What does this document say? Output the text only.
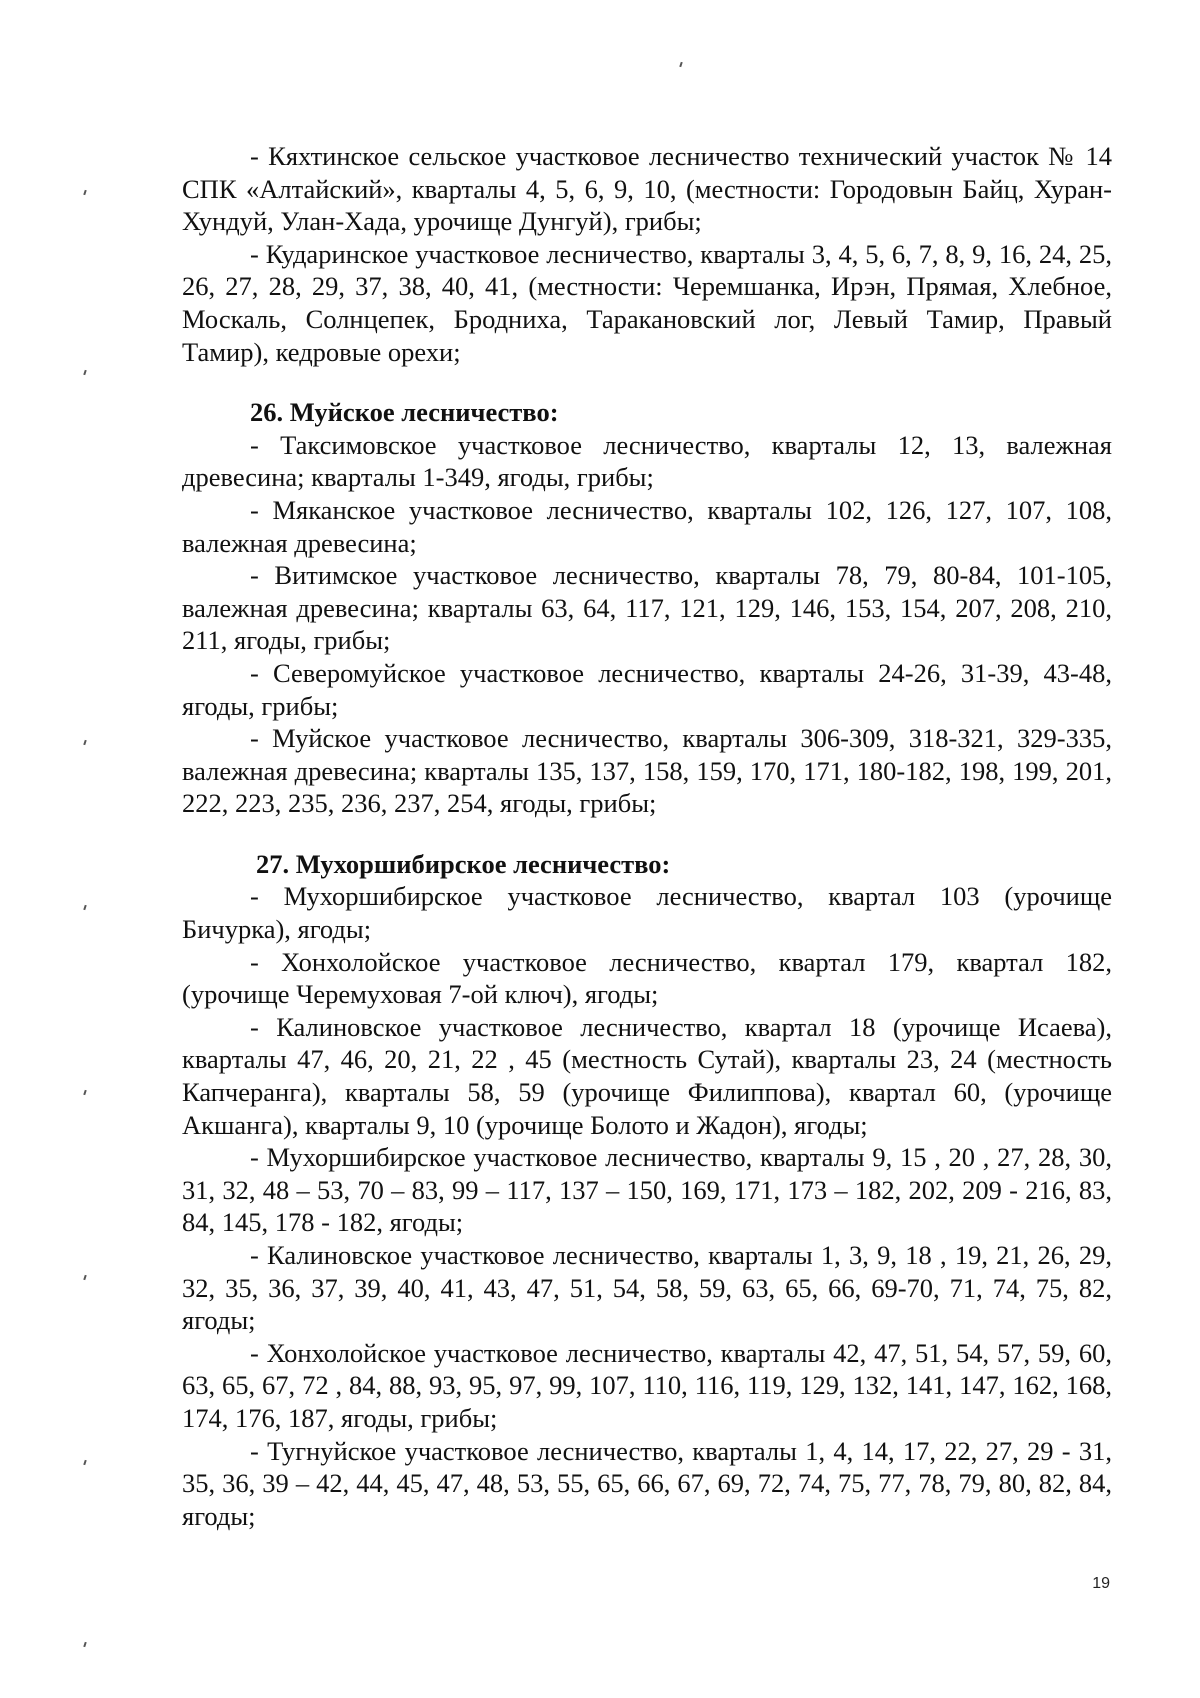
- Кяхтинское сельское участковое лесничество технический участок № 14 СПК «Алтайский», кварталы 4, 5, 6, 9, 10, (местности: Городовын Байц, Хуран-Хундуй, Улан-Хада, урочище Дунгуй), грибы;

- Кударинское участковое лесничество, кварталы 3, 4, 5, 6, 7, 8, 9, 16, 24, 25, 26, 27, 28, 29, 37, 38, 40, 41, (местности: Черемшанка, Ирэн, Прямая, Хлебное, Москаль, Солнцепек, Бродниха, Таракановский лог, Левый Тамир, Правый Тамир), кедровые орехи;

26. Муйское лесничество:

- Таксимовское участковое лесничество, кварталы 12, 13, валежная древесина; кварталы 1-349, ягоды, грибы;

- Мяканское участковое лесничество, кварталы 102, 126, 127, 107, 108, валежная древесина;

- Витимское участковое лесничество, кварталы 78, 79, 80-84, 101-105, валежная древесина; кварталы 63, 64, 117, 121, 129, 146, 153, 154, 207, 208, 210, 211, ягоды, грибы;

- Северомуйское участковое лесничество, кварталы 24-26, 31-39, 43-48, ягоды, грибы;

- Муйское участковое лесничество, кварталы 306-309, 318-321, 329-335, валежная древесина; кварталы 135, 137, 158, 159, 170, 171, 180-182, 198, 199, 201, 222, 223, 235, 236, 237, 254, ягоды, грибы;

27. Мухоршибирское лесничество:

- Мухоршибирское участковое лесничество, квартал 103 (урочище Бичурка), ягоды;

- Хонхолойское участковое лесничество, квартал 179, квартал 182, (урочище Черемуховая 7-ой ключ), ягоды;

- Калиновское участковое лесничество, квартал 18 (урочище Исаева), кварталы 47, 46, 20, 21, 22 , 45 (местность Сутай), кварталы 23, 24 (местность Капчеранга), кварталы 58, 59 (урочище Филиппова), квартал 60, (урочище Акшанга), кварталы 9, 10 (урочище Болото и Жадон), ягоды;

- Мухоршибирское участковое лесничество, кварталы 9, 15 , 20 , 27, 28, 30, 31, 32, 48 – 53, 70 – 83, 99 – 117, 137 – 150, 169, 171, 173 – 182, 202, 209 - 216, 83, 84, 145, 178 - 182, ягоды;

- Калиновское участковое лесничество, кварталы 1, 3, 9, 18 , 19, 21, 26, 29, 32, 35, 36, 37, 39, 40, 41, 43, 47, 51, 54, 58, 59, 63, 65, 66, 69-70, 71, 74, 75, 82, ягоды;

- Хонхолойское участковое лесничество, кварталы 42, 47, 51, 54, 57, 59, 60, 63, 65, 67, 72 , 84, 88, 93, 95, 97, 99, 107, 110, 116, 119, 129, 132, 141, 147, 162, 168, 174, 176, 187, ягоды, грибы;

- Тугнуйское участковое лесничество, кварталы 1, 4, 14, 17, 22, 27, 29 - 31, 35, 36, 39 – 42, 44, 45, 47, 48, 53, 55, 65, 66, 67, 69, 72, 74, 75, 77, 78, 79, 80, 82, 84, ягоды;

19
